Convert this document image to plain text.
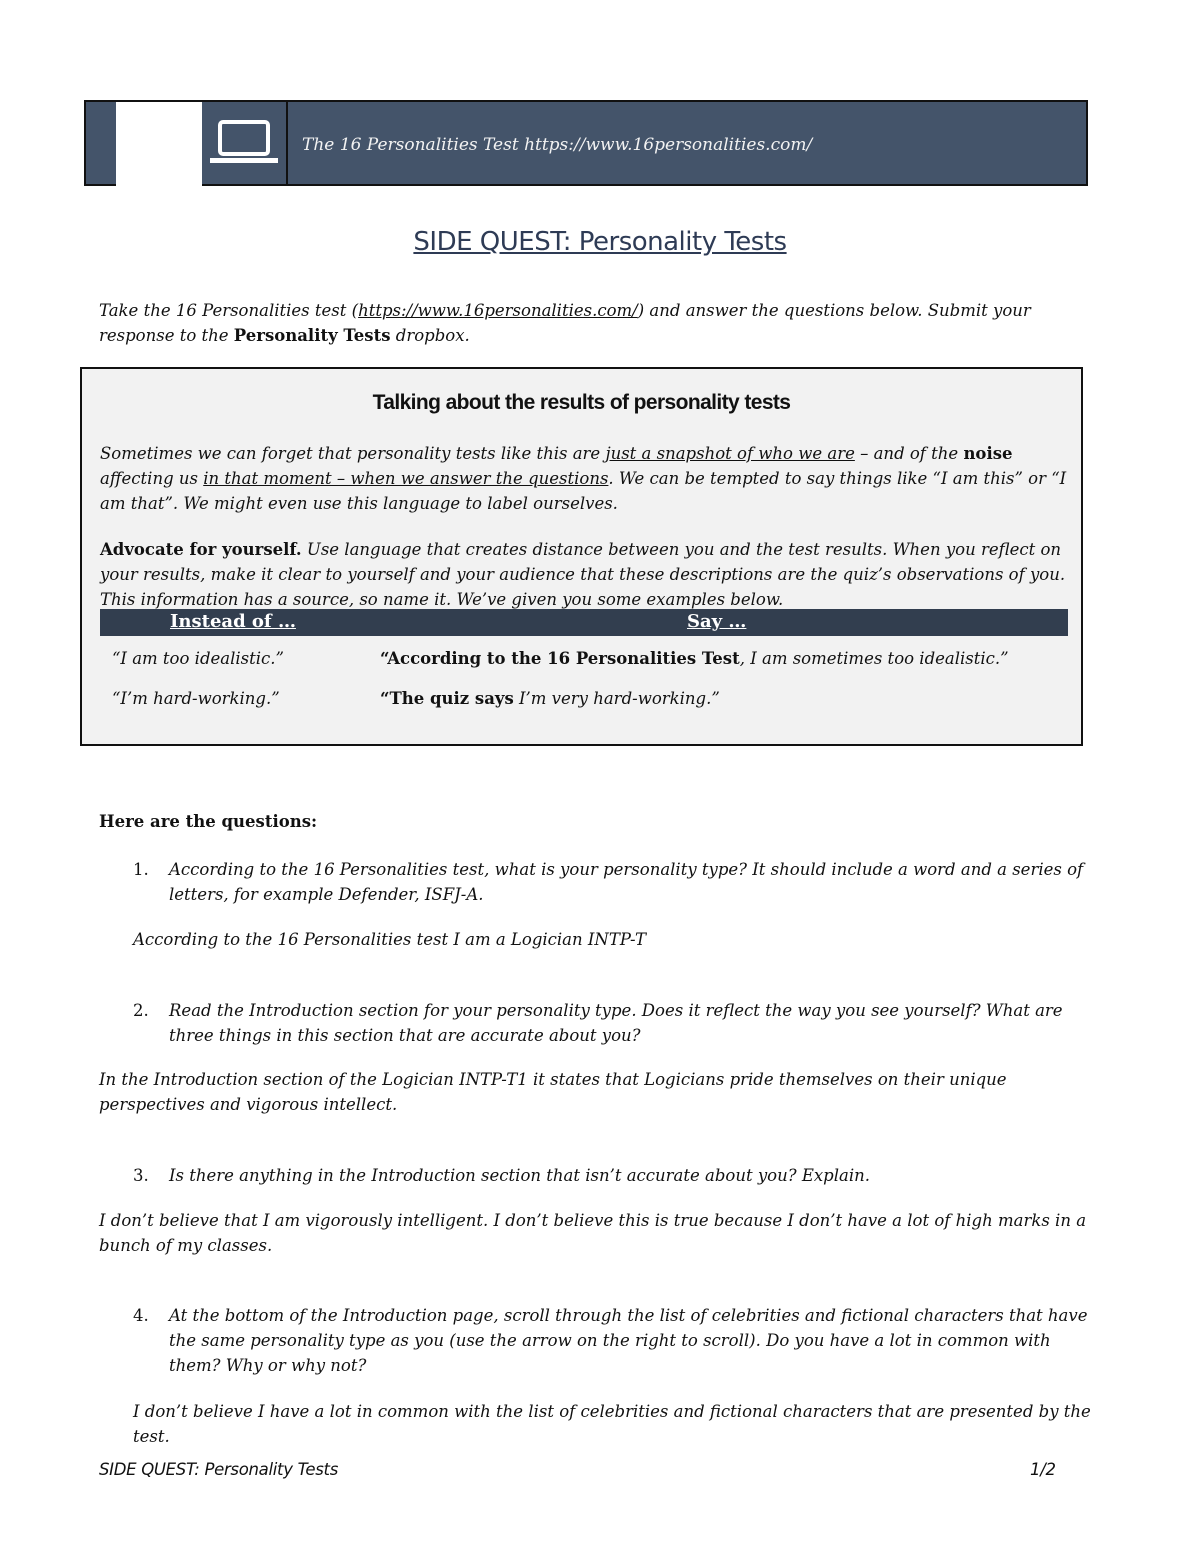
The 16 Personalities Test https://www.16personalities.com/
SIDE QUEST: Personality Tests
Take the 16 Personalities test (https://www.16personalities.com/) and answer the questions below. Submit your response to the Personality Tests dropbox.
Talking about the results of personality tests
Sometimes we can forget that personality tests like this are just a snapshot of who we are – and of the noise affecting us in that moment – when we answer the questions. We can be tempted to say things like “I am this” or “I am that”. We might even use this language to label ourselves.
Advocate for yourself. Use language that creates distance between you and the test results. When you reflect on your results, make it clear to yourself and your audience that these descriptions are the quiz’s observations of you. This information has a source, so name it. We’ve given you some examples below.
Instead of …	Say …
“I am too idealistic.”	“According to the 16 Personalities Test, I am sometimes too idealistic.”
“I’m hard-working.”	“The quiz says I’m very hard-working.”
Here are the questions:
1. According to the 16 Personalities test, what is your personality type? It should include a word and a series of letters, for example Defender, ISFJ-A.
According to the 16 Personalities test I am a Logician INTP-T
2. Read the Introduction section for your personality type. Does it reflect the way you see yourself? What are three things in this section that are accurate about you?
In the Introduction section of the Logician INTP-T1 it states that Logicians pride themselves on their unique perspectives and vigorous intellect.
3. Is there anything in the Introduction section that isn’t accurate about you? Explain.
I don’t believe that I am vigorously intelligent. I don’t believe this is true because I don’t have a lot of high marks in a bunch of my classes.
4. At the bottom of the Introduction page, scroll through the list of celebrities and fictional characters that have the same personality type as you (use the arrow on the right to scroll). Do you have a lot in common with them? Why or why not?
I don’t believe I have a lot in common with the list of celebrities and fictional characters that are presented by the test.
SIDE QUEST: Personality Tests	1/2
